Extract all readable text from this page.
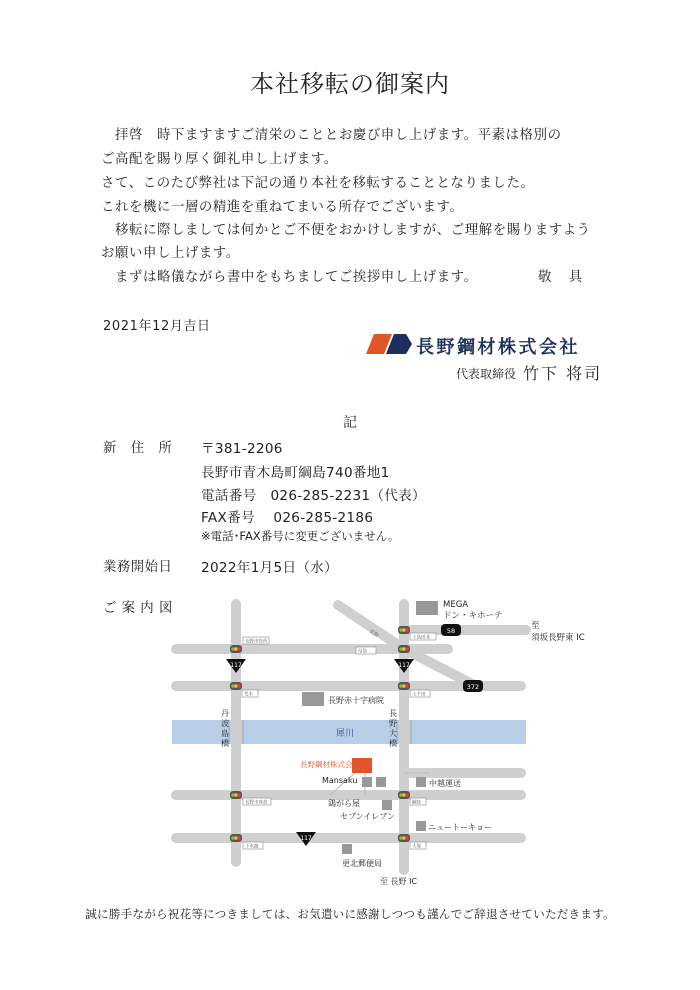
本社移転の御案内
　拝啓　時下ますますご清栄のこととお慶び申し上げます。平素は格別の
ご高配を賜り厚く御礼申し上げます。
さて、このたび弊社は下記の通り本社を移転することとなりました。
これを機に一層の精進を重ねてまいる所存でございます。
　移転に際しましては何かとご不便をおかけしますが、ご理解を賜りますよう
お願い申し上げます。
　まずは略儀ながら書中をもちましてご挨拶申し上げます。	敬　具
2021年12月吉日
長野鋼材株式会社
代表取締役 竹下 将司
記
新　住　所 〒381-2206
長野市青木島町綱島740番地1
電話番号　026-285-2231（代表）
FAX番号　 026-285-2186
※電話･FAX番号に変更ございません。
業務開始日 2022年1月5日（水）
ご 案 内 図
117	117
117
58
372
長野市役所
母袋
上高田北
荒木	上千田
長野市真島	綱島
下氷鉋	大塚
長野
MEGA
ドン・キホーテ
至
須坂長野東 IC
長野赤十字病院
犀川
長野鋼材株式会社
Mansaku	中越運送
鶏がら屋
セブンイレブン
ニュートーキョー
更北郵便局
至 長野 IC
丹
波
島
橋
長
野
大
橋
誠に勝手ながら祝花等につきましては、お気遣いに感謝しつつも謹んでご辞退させていただきます。
